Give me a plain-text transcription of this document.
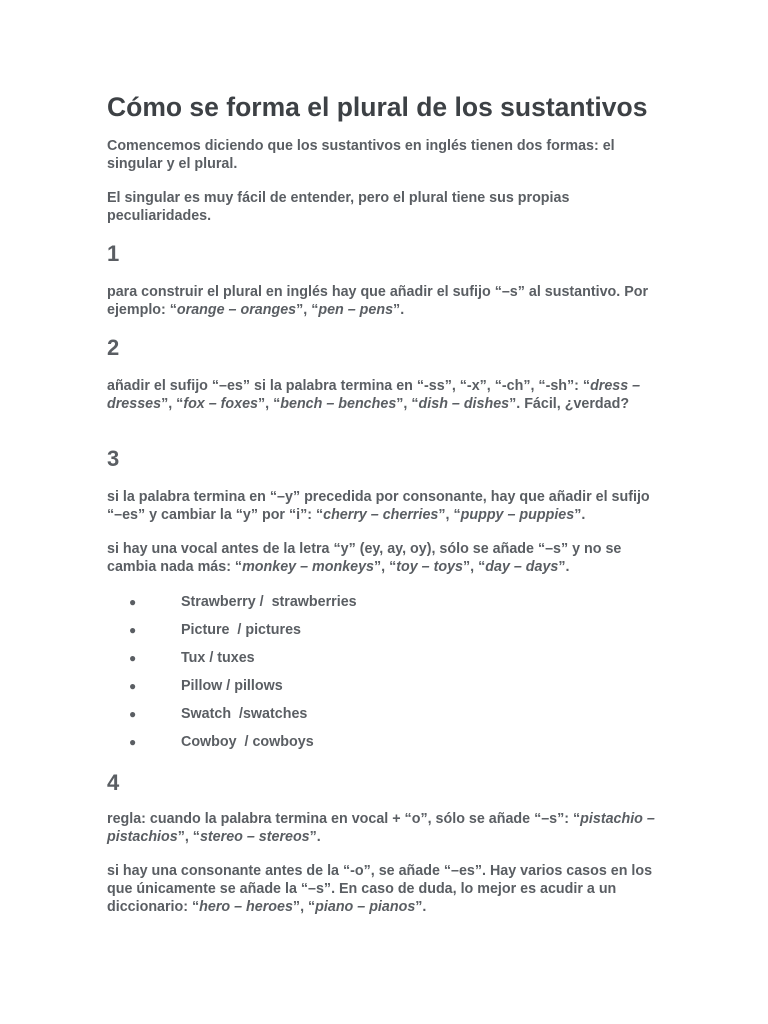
Cómo se forma el plural de los sustantivos

Comencemos diciendo que los sustantivos en inglés tienen dos formas: el singular y el plural.

El singular es muy fácil de entender, pero el plural tiene sus propias peculiaridades.

1

para construir el plural en inglés hay que añadir el sufijo “–s” al sustantivo. Por ejemplo: “orange – oranges”, “pen – pens”.

2

añadir el sufijo “–es” si la palabra termina en “-ss”, “-x”, “-ch”, “-sh”: “dress – dresses”, “fox – foxes”, “bench – benches”, “dish – dishes”. Fácil, ¿verdad?

3

si la palabra termina en “–y” precedida por consonante, hay que añadir el sufijo “–es” y cambiar la “y” por “i”: “cherry – cherries”, “puppy – puppies”.

si hay una vocal antes de la letra “y” (ey, ay, oy), sólo se añade “–s” y no se cambia nada más: “monkey – monkeys”, “toy – toys”, “day – days”.

●	Strawberry /  strawberries
●	Picture  / pictures
●	Tux / tuxes
●	Pillow / pillows
●	Swatch  /swatches
●	Cowboy  / cowboys
4

regla: cuando la palabra termina en vocal + “o”, sólo se añade “–s”: “pistachio – pistachios”, “stereo – stereos”.

si hay una consonante antes de la “-o”, se añade “–es”. Hay varios casos en los que únicamente se añade la “–s”. En caso de duda, lo mejor es acudir a un diccionario: “hero – heroes”, “piano – pianos”.
